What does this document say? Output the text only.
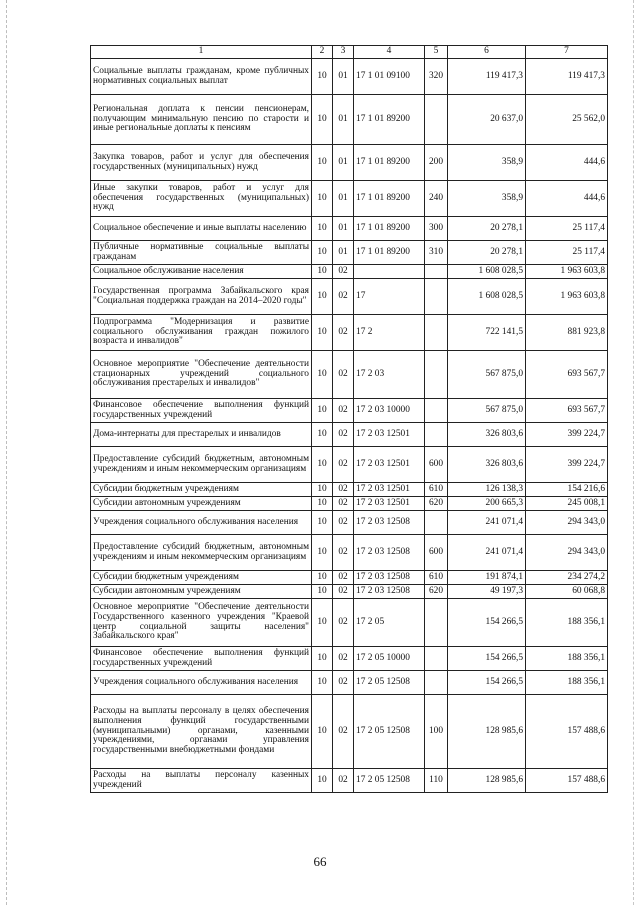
1	2	3	4	5	6	7
Социальные выплаты гражданам, кроме публичных нормативных социальных выплат	10	01	17 1 01 09100	320	119 417,3	119 417,3
Региональная доплата к пенсии пенсионерам, получающим минимальную пенсию по старости и иные региональные доплаты к пенсиям	10	01	17 1 01 89200		20 637,0	25 562,0
Закупка товаров, работ и услуг для обеспечения государственных (муниципальных) нужд	10	01	17 1 01 89200	200	358,9	444,6
Иные закупки товаров, работ и услуг для обеспечения государственных (муниципальных) нужд	10	01	17 1 01 89200	240	358,9	444,6
Социальное обеспечение и иные выплаты населению	10	01	17 1 01 89200	300	20 278,1	25 117,4
Публичные нормативные социальные выплаты гражданам	10	01	17 1 01 89200	310	20 278,1	25 117,4
Социальное обслуживание населения	10	02			1 608 028,5	1 963 603,8
Государственная программа Забайкальского края "Социальная поддержка граждан на 2014–2020 годы"	10	02	17		1 608 028,5	1 963 603,8
Подпрограмма "Модернизация и развитие социального обслуживания граждан пожилого возраста и инвалидов"	10	02	17 2		722 141,5	881 923,8
Основное мероприятие "Обеспечение деятельности стационарных учреждений социального обслуживания престарелых и инвалидов"	10	02	17 2 03		567 875,0	693 567,7
Финансовое обеспечение выполнения функций государственных учреждений	10	02	17 2 03 10000		567 875,0	693 567,7
Дома-интернаты для престарелых и инвалидов	10	02	17 2 03 12501		326 803,6	399 224,7
Предоставление субсидий бюджетным, автономным учреждениям и иным некоммерческим организациям	10	02	17 2 03 12501	600	326 803,6	399 224,7
Субсидии бюджетным учреждениям	10	02	17 2 03 12501	610	126 138,3	154 216,6
Субсидии автономным учреждениям	10	02	17 2 03 12501	620	200 665,3	245 008,1
Учреждения социального обслуживания населения	10	02	17 2 03 12508		241 071,4	294 343,0
Предоставление субсидий бюджетным, автономным учреждениям и иным некоммерческим организациям	10	02	17 2 03 12508	600	241 071,4	294 343,0
Субсидии бюджетным учреждениям	10	02	17 2 03 12508	610	191 874,1	234 274,2
Субсидии автономным учреждениям	10	02	17 2 03 12508	620	49 197,3	60 068,8
Основное мероприятие "Обеспечение деятельности Государственного казенного учреждения "Краевой центр социальной защиты населения" Забайкальского края"	10	02	17 2 05		154 266,5	188 356,1
Финансовое обеспечение выполнения функций государственных учреждений	10	02	17 2 05 10000		154 266,5	188 356,1
Учреждения социального обслуживания населения	10	02	17 2 05 12508		154 266,5	188 356,1
Расходы на выплаты персоналу в целях обеспечения выполнения функций государственными (муниципальными) органами, казенными учреждениями, органами управления государственными внебюджетными фондами	10	02	17 2 05 12508	100	128 985,6	157 488,6
Расходы на выплаты персоналу казенных учреждений	10	02	17 2 05 12508	110	128 985,6	157 488,6
66
